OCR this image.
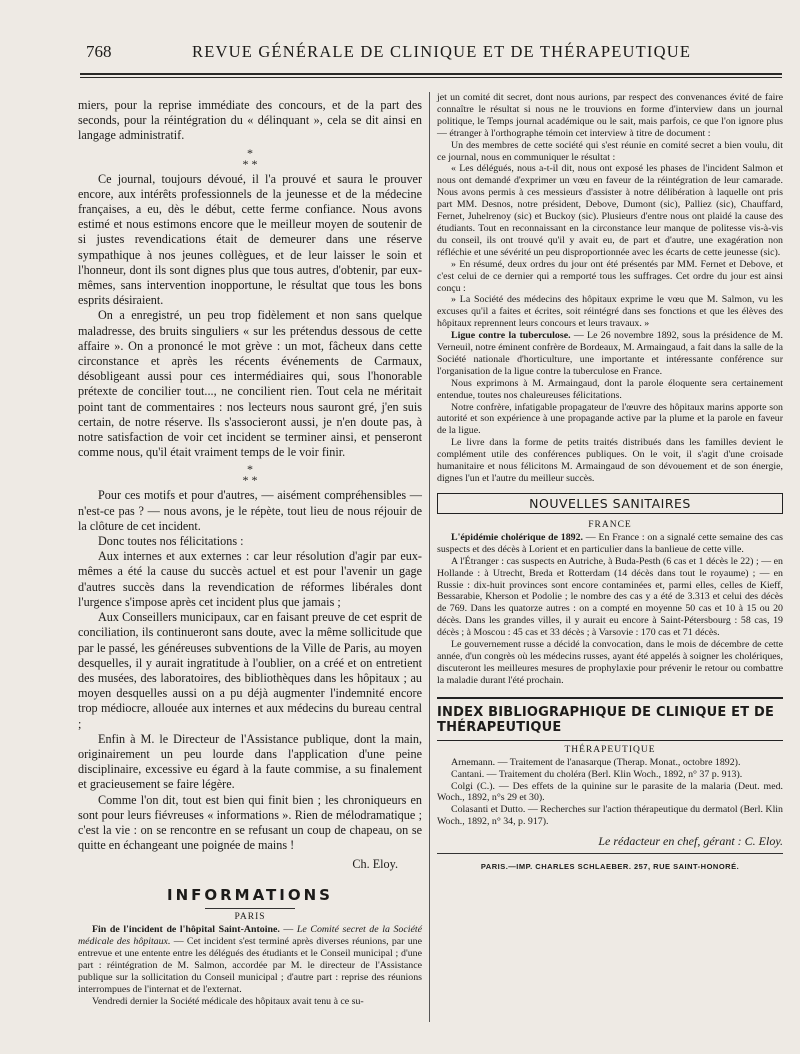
768	REVUE GÉNÉRALE DE CLINIQUE ET DE THÉRAPEUTIQUE

miers, pour la reprise immédiate des concours, et de la part des seconds, pour la réintégration du « délinquant », cela se dit ainsi en langage administratif.

*
* *

Ce journal, toujours dévoué, il l'a prouvé et saura le prouver encore, aux intérêts professionnels de la jeunesse et de la médecine françaises, a eu, dès le début, cette ferme confiance. Nous avons estimé et nous estimons encore que le meilleur moyen de soutenir de si justes revendications était de demeurer dans une réserve sympathique à nos jeunes collègues, et de leur laisser le soin et l'honneur, dont ils sont dignes plus que tous autres, d'obtenir, par eux-mêmes, sans intervention inopportune, le résultat que tous les bons esprits désiraient.

On a enregistré, un peu trop fidèlement et non sans quelque maladresse, des bruits singuliers « sur les prétendus dessous de cette affaire ». On a prononcé le mot grève : un mot, fâcheux dans cette circonstance et après les récents événements de Carmaux, désobligeant aussi pour ces intermédiaires qui, sous l'honorable prétexte de concilier tout..., ne concilient rien. Tout cela ne méritait point tant de commentaires : nos lecteurs nous sauront gré, j'en suis certain, de notre réserve. Ils s'associeront aussi, je n'en doute pas, à notre satisfaction de voir cet incident se terminer ainsi, et penseront comme nous, qu'il était vraiment temps de le voir finir.

*
* *

Pour ces motifs et pour d'autres, — aisément compréhensibles — n'est-ce pas ? — nous avons, je le répète, tout lieu de nous réjouir de la clôture de cet incident.

Donc toutes nos félicitations :

Aux internes et aux externes : car leur résolution d'agir par eux-mêmes a été la cause du succès actuel et est pour l'avenir un gage d'autres succès dans la revendication de réformes libérales dont l'urgence s'impose après cet incident plus que jamais ;

Aux Conseillers municipaux, car en faisant preuve de cet esprit de conciliation, ils continueront sans doute, avec la même sollicitude que par le passé, les généreuses subventions de la Ville de Paris, au moyen desquelles, il y aurait ingratitude à l'oublier, on a créé et on entretient des musées, des laboratoires, des bibliothèques dans les hôpitaux ; au moyen desquelles aussi on a pu déjà augmenter l'indemnité encore trop médiocre, allouée aux internes et aux médecins du bureau central ;

Enfin à M. le Directeur de l'Assistance publique, dont la main, originairement un peu lourde dans l'application d'une peine disciplinaire, excessive eu égard à la faute commise, a su finalement et gracieusement se faire légère.

Comme l'on dit, tout est bien qui finit bien ; les chroniqueurs en sont pour leurs fiévreuses « informations ». Rien de mélodramatique ; c'est la vie : on se rencontre en se refusant un coup de chapeau, on se quitte en échangeant une poignée de mains !

Ch. Eloy.
INFORMATIONS
PARIS

Fin de l'incident de l'hôpital Saint-Antoine. — Le Comité secret de la Société médicale des hôpitaux. — Cet incident s'est terminé après diverses réunions, par une entrevue et une entente entre les délégués des étudiants et le Conseil municipal ; d'une part : réintégration de M. Salmon, accordée par M. le directeur de l'Assistance publique sur la sollicitation du Conseil municipal ; d'autre part : reprise des réunions interrompues de l'internat et de l'externat.

Vendredi dernier la Société médicale des hôpitaux avait tenu à ce su-

jet un comité dit secret, dont nous aurions, par respect des convenances évité de faire connaître le résultat si nous ne le trouvions en forme d'interview dans un journal politique, le Temps journal académique ou le sait, mais parfois, ce que l'on ignore plus — étranger à l'orthographe témoin cet interview à titre de document :

Un des membres de cette société qui s'est réunie en comité secret a bien voulu, dit ce journal, nous en communiquer le résultat :

« Les délégués, nous a-t-il dit, nous ont exposé les phases de l'incident Salmon et nous ont demandé d'exprimer un vœu en faveur de la réintégration de leur camarade. Nous avons permis à ces messieurs d'assister à notre délibération à laquelle ont pris part MM. Desnos, notre président, Debove, Dumont (sic), Palliez (sic), Chauffard, Fernet, Juhelrenoy (sic) et Buckoy (sic). Plusieurs d'entre nous ont plaidé la cause des étudiants. Tout en reconnaissant en la circonstance leur manque de politesse vis-à-vis du conseil, ils ont trouvé qu'il y avait eu, de part et d'autre, une exagération non réfléchie et une sévérité un peu disproportionnée avec les écarts de cette jeunesse (sic).

» En résumé, deux ordres du jour ont été présentés par MM. Fernet et Debove, et c'est celui de ce dernier qui a remporté tous les suffrages. Cet ordre du jour est ainsi conçu :

» La Société des médecins des hôpitaux exprime le vœu que M. Salmon, vu les excuses qu'il a faites et écrites, soit réintégré dans ses fonctions et que les élèves des hôpitaux reprennent leurs concours et leurs travaux. »

Ligue contre la tuberculose. — Le 26 novembre 1892, sous la présidence de M. Verneuil, notre éminent confrère de Bordeaux, M. Armaingaud, a fait dans la salle de la Société nationale d'horticulture, une importante et intéressante conférence sur l'organisation de la ligue contre la tuberculose en France.

Nous exprimons à M. Armaingaud, dont la parole éloquente sera certainement entendue, toutes nos chaleureuses félicitations.

Notre confrère, infatigable propagateur de l'œuvre des hôpitaux marins apporte son autorité et son expérience à une propagande active par la plume et la parole en faveur de la ligue.

Le livre dans la forme de petits traités distribués dans les familles devient le complément utile des conférences publiques. On le voit, il s'agit d'une croisade humanitaire et nous félicitons M. Armaingaud de son dévouement et de son énergie, dignes l'un et l'autre du meilleur succès.

NOUVELLES SANITAIRES
FRANCE

L'épidémie cholérique de 1892. — En France : on a signalé cette semaine des cas suspects et des décès à Lorient et en particulier dans la banlieue de cette ville.

A l'Étranger : cas suspects en Autriche, à Buda-Pesth (6 cas et 1 décès le 22) ; — en Hollande : à Utrecht, Breda et Rotterdam (14 décès dans tout le royaume) ; — en Russie : dix-huit provinces sont encore contaminées et, parmi elles, celles de Kieff, Bessarabie, Kherson et Podolie ; le nombre des cas y a été de 3.313 et celui des décès de 769. Dans les quatorze autres : on a compté en moyenne 50 cas et 10 à 15 ou 20 décès. Dans les grandes villes, il y aurait eu encore à Saint-Pétersbourg : 58 cas, 19 décès ; à Moscou : 45 cas et 33 décès ; à Varsovie : 170 cas et 71 décès.

Le gouvernement russe a décidé la convocation, dans le mois de décembre de cette année, d'un congrès où les médecins russes, ayant été appelés à soigner les cholériques, discuteront les meilleures mesures de prophylaxie pour prévenir le retour ou combattre la maladie durant l'été prochain.

INDEX BIBLIOGRAPHIQUE DE CLINIQUE ET DE THÉRAPEUTIQUE
THÉRAPEUTIQUE

Arnemann. — Traitement de l'anasarque (Therap. Monat., octobre 1892).

Cantani. — Traitement du choléra (Berl. Klin Woch., 1892, n° 37 p. 913).

Colgi (C.). — Des effets de la quinine sur le parasite de la malaria (Deut. med. Woch., 1892, n°s 29 et 30).

Colasanti et Dutto. — Recherches sur l'action thérapeutique du dermatol (Berl. Klin Woch., 1892, n° 34, p. 917).

Le rédacteur en chef, gérant : C. Eloy.
PARIS.—IMP. CHARLES SCHLAEBER. 257, RUE SAINT-HONORÉ.
